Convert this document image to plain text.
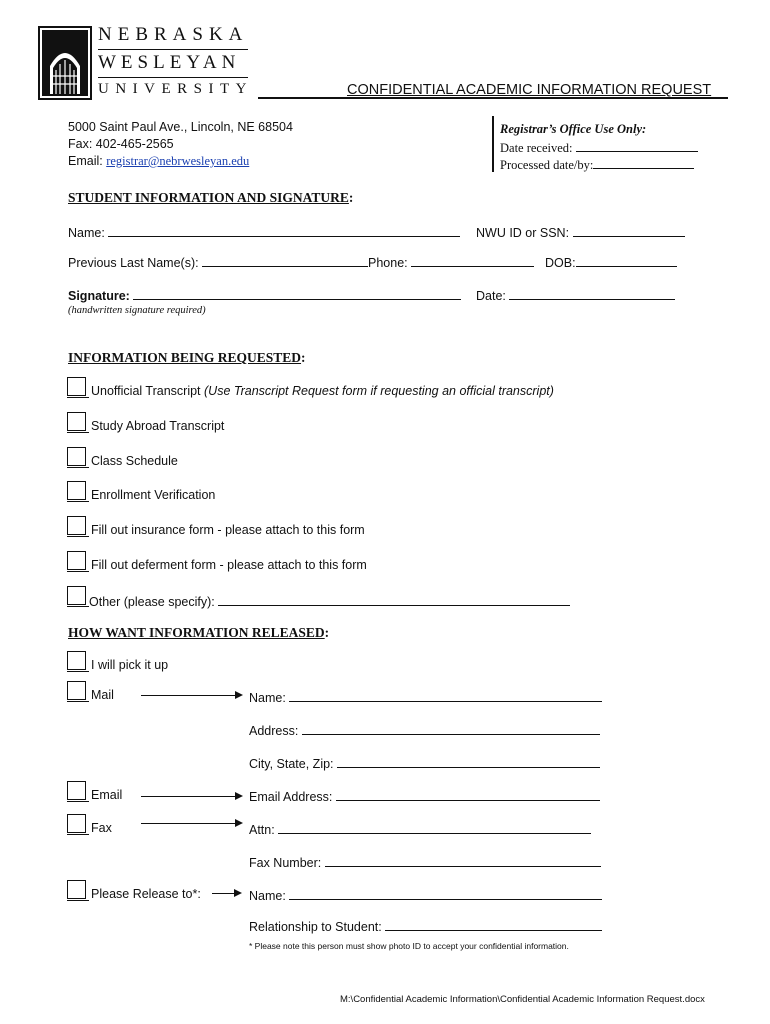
NEBRASKA
WESLEYAN
UNIVERSITY	CONFIDENTIAL ACADEMIC INFORMATION REQUEST
5000 Saint Paul Ave., Lincoln, NE 68504
Fax: 402-465-2565
Email: registrar@nebrwesleyan.edu
Registrar’s Office Use Only:
Date received:
Processed date/by:
STUDENT INFORMATION AND SIGNATURE:
Name:	NWU ID or SSN:
Previous Last Name(s):	Phone:	DOB:
Signature:	Date:
(handwritten signature required)
INFORMATION BEING REQUESTED:
Unofficial Transcript (Use Transcript Request form if requesting an official transcript)
Study Abroad Transcript
Class Schedule
Enrollment Verification
Fill out insurance form - please attach to this form
Fill out deferment form - please attach to this form
Other (please specify):
HOW WANT INFORMATION RELEASED:
I will pick it up
Mail	Name:
Address:
City, State, Zip:
Email	Email Address:
Fax	Attn:
Fax Number:
Please Release to*:	Name:
Relationship to Student:
* Please note this person must show photo ID to accept your confidential information.
M:\Confidential Academic Information\Confidential Academic Information Request.docx
